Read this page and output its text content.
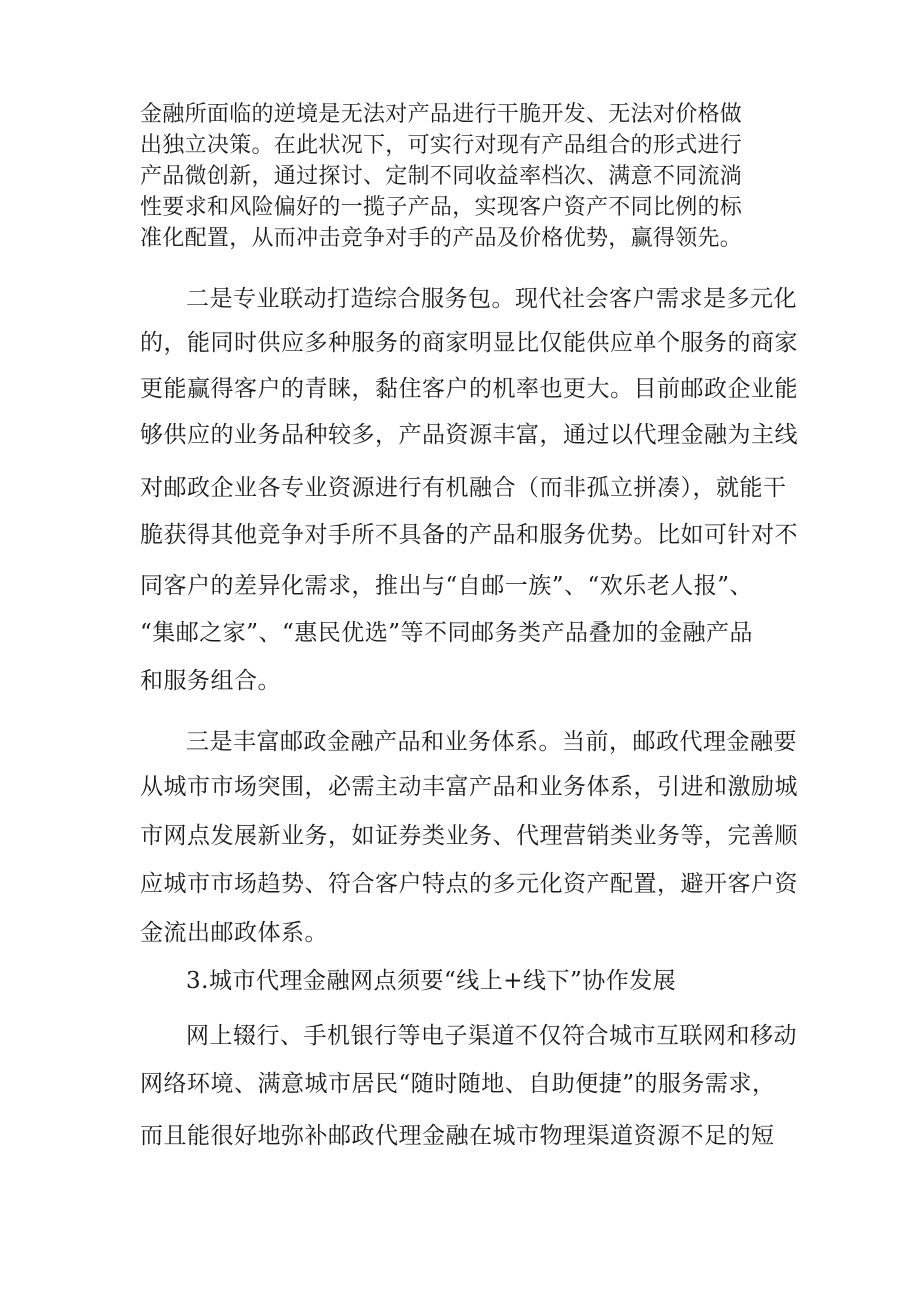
金融所面临的逆境是无法对产品进行干脆开发、无法对价格做
出独立决策。在此状况下，可实行对现有产品组合的形式进行
产品微创新，通过探讨、定制不同收益率档次、满意不同流淌
性要求和风险偏好的一揽子产品，实现客户资产不同比例的标
准化配置，从而冲击竞争对手的产品及价格优势，赢得领先。
二是专业联动打造综合服务包。现代社会客户需求是多元化
的，能同时供应多种服务的商家明显比仅能供应单个服务的商家
更能赢得客户的青睐，黏住客户的机率也更大。目前邮政企业能
够供应的业务品种较多，产品资源丰富，通过以代理金融为主线
对邮政企业各专业资源进行有机融合（而非孤立拼凑），就能干
脆获得其他竞争对手所不具备的产品和服务优势。比如可针对不
同客户的差异化需求，推出与“自邮一族”、“欢乐老人报”、
“集邮之家”、“惠民优选”等不同邮务类产品叠加的金融产品
和服务组合。
三是丰富邮政金融产品和业务体系。当前，邮政代理金融要
从城市市场突围，必需主动丰富产品和业务体系，引进和激励城
市网点发展新业务，如证券类业务、代理营销类业务等，完善顺
应城市市场趋势、符合客户特点的多元化资产配置，避开客户资
金流出邮政体系。
3.城市代理金融网点须要“线上+线下”协作发展
网上辍行、手机银行等电子渠道不仅符合城市互联网和移动
网络环境、满意城市居民“随时随地、自助便捷”的服务需求，
而且能很好地弥补邮政代理金融在城市物理渠道资源不足的短
